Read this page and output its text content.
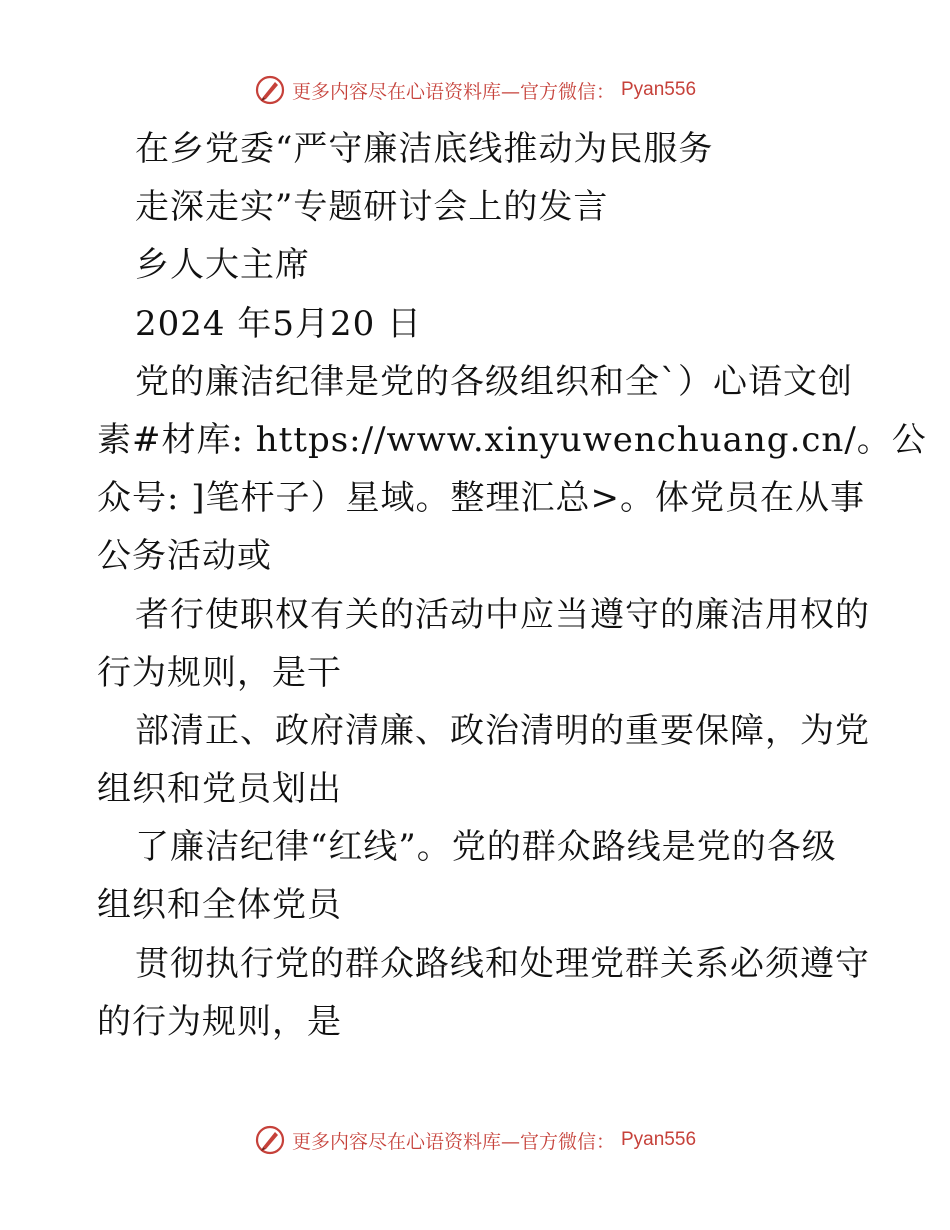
更多内容尽在心语资料库—官方微信： Pyan556
在乡党委“严守廉洁底线推动为民服务
走深走实”专题研讨会上的发言
乡人大主席
2024 年5月20 日
党的廉洁纪律是党的各级组织和全`）心语文创
素#材库: https://www.xinyuwenchuang.cn/。公
众号: ]笔杆子）星域。整理汇总>。体党员在从事
公务活动或
者行使职权有关的活动中应当遵守的廉洁用权的
行为规则，是干
部清正、政府清廉、政治清明的重要保障，为党
组织和党员划出
了廉洁纪律“红线”。党的群众路线是党的各级
组织和全体党员
贯彻执行党的群众路线和处理党群关系必须遵守
的行为规则，是
更多内容尽在心语资料库—官方微信： Pyan556
